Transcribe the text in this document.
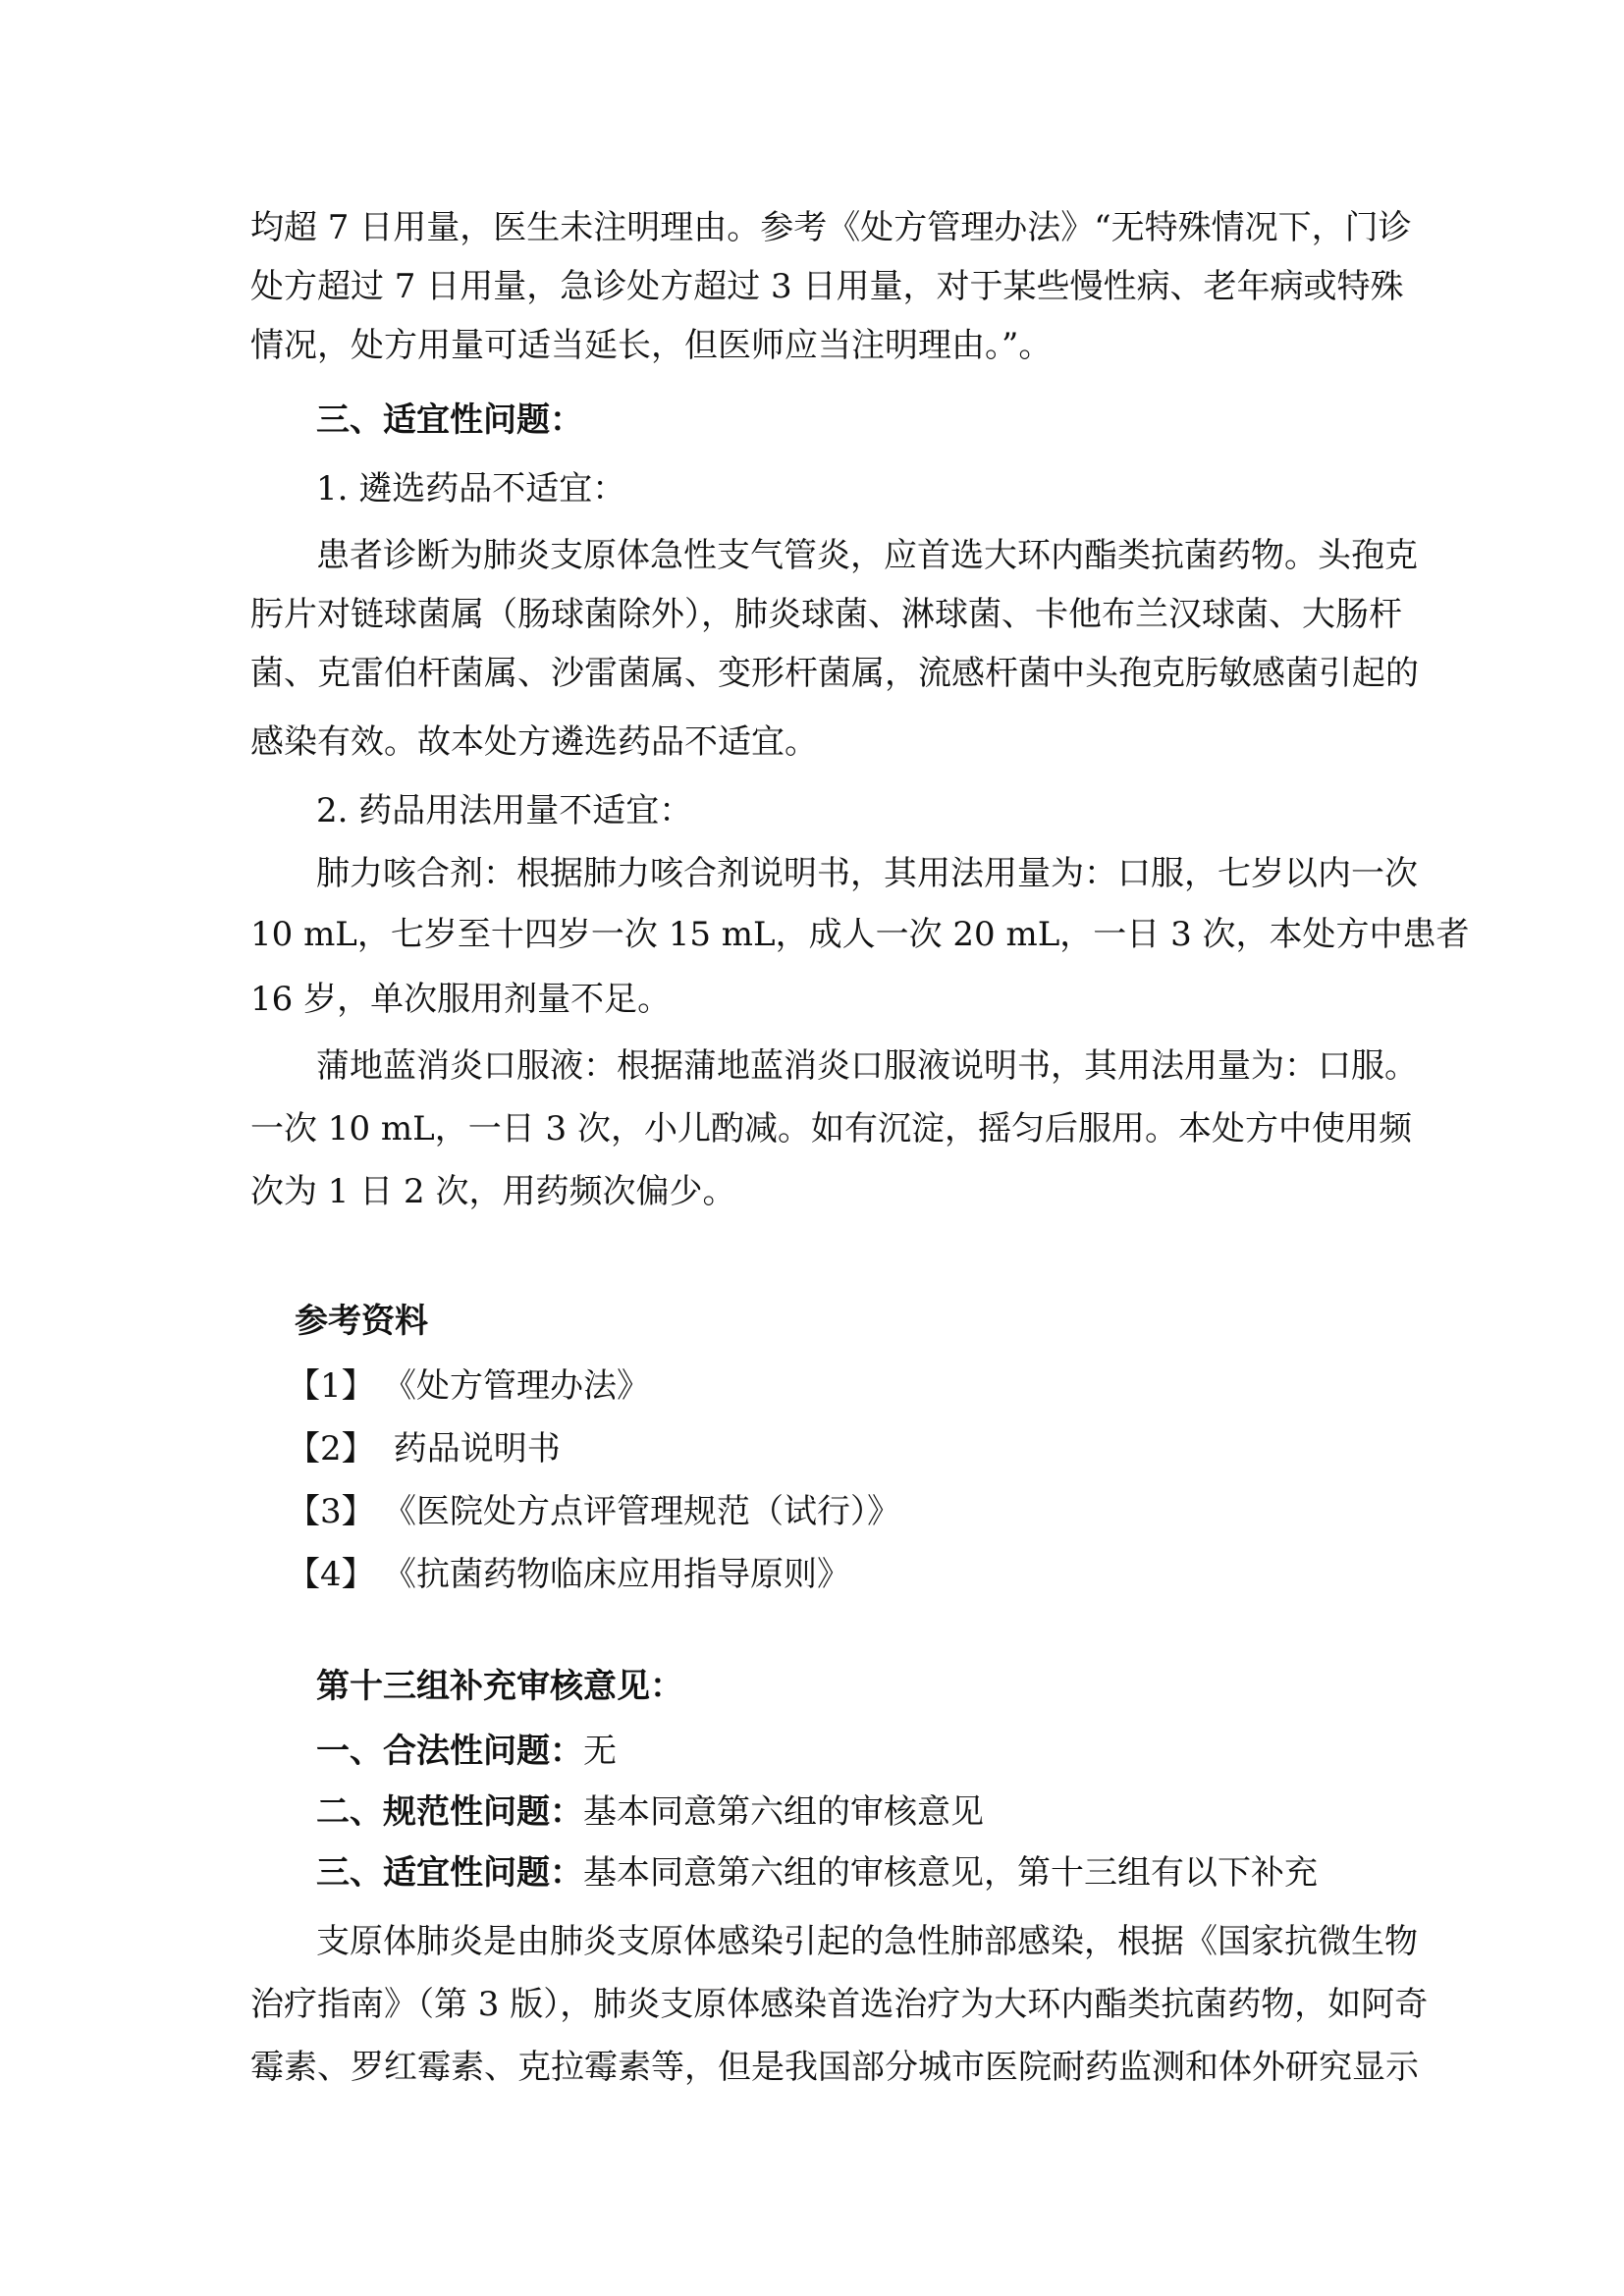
均超 7 日用量，医生未注明理由。参考《处方管理办法》“无特殊情况下，门诊
处方超过 7 日用量，急诊处方超过 3 日用量，对于某些慢性病、老年病或特殊
情况，处方用量可适当延长，但医师应当注明理由。”。
三、适宜性问题：
1. 遴选药品不适宜：
患者诊断为肺炎支原体急性支气管炎，应首选大环内酯类抗菌药物。头孢克
肟片对链球菌属（肠球菌除外），肺炎球菌、淋球菌、卡他布兰汉球菌、大肠杆
菌、克雷伯杆菌属、沙雷菌属、变形杆菌属，流感杆菌中头孢克肟敏感菌引起的
感染有效。故本处方遴选药品不适宜。
2. 药品用法用量不适宜：
肺力咳合剂：根据肺力咳合剂说明书，其用法用量为：口服，七岁以内一次
10 mL，七岁至十四岁一次 15 mL，成人一次 20 mL，一日 3 次，本处方中患者
16 岁，单次服用剂量不足。
蒲地蓝消炎口服液：根据蒲地蓝消炎口服液说明书，其用法用量为：口服。
一次 10 mL，一日 3 次，小儿酌减。如有沉淀，摇匀后服用。本处方中使用频
次为 1 日 2 次，用药频次偏少。
参考资料
【1】 《处方管理办法》
【2】 药品说明书
【3】 《医院处方点评管理规范（试行）》
【4】 《抗菌药物临床应用指导原则》
第十三组补充审核意见：
一、合法性问题：无
二、规范性问题：基本同意第六组的审核意见
三、适宜性问题：基本同意第六组的审核意见，第十三组有以下补充
支原体肺炎是由肺炎支原体感染引起的急性肺部感染，根据《国家抗微生物
治疗指南》（第 3 版），肺炎支原体感染首选治疗为大环内酯类抗菌药物，如阿奇
霉素、罗红霉素、克拉霉素等，但是我国部分城市医院耐药监测和体外研究显示
